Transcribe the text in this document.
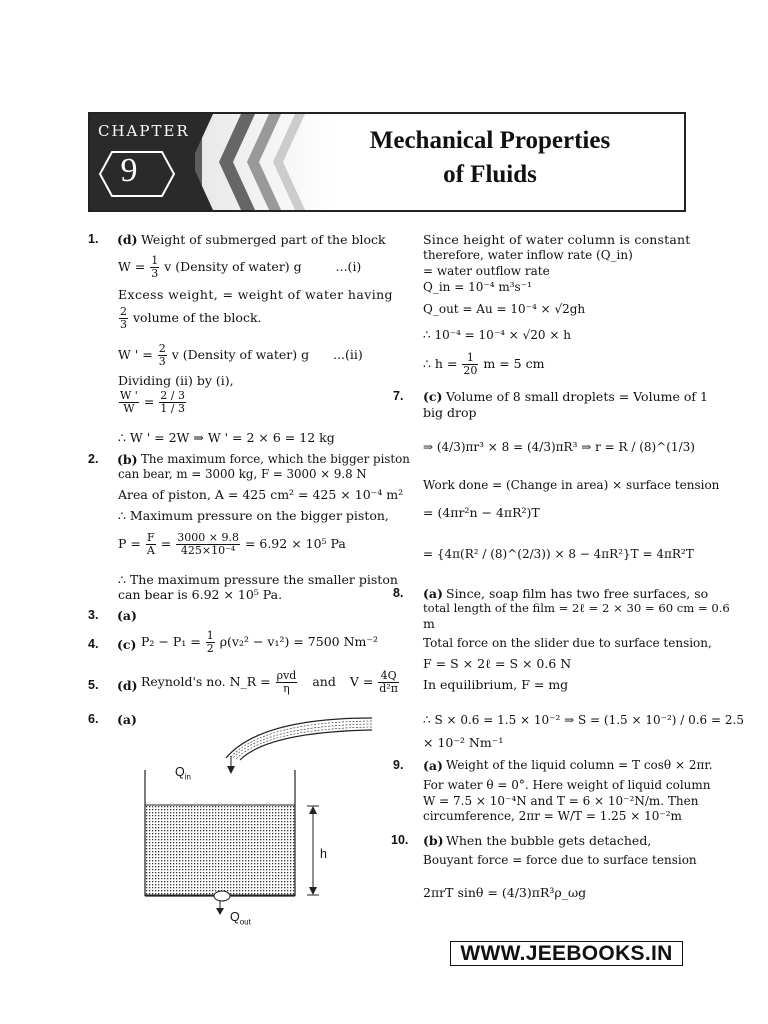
CHAPTER
9
Mechanical Properties
of Fluids
1. (d) Weight of submerged part of the block
$W = \frac{1}{3}$ v (Density of water) g	...(i)
Excess weight, = weight of water having
$\frac{2}{3}$ volume of the block.
W ' = $\frac{2}{3}$ v (Density of water) g ...(ii)
Dividing (ii) by (i),
$\frac{W '}{W} = \frac{2 / 3}{1 / 3}$
∴ W ' = 2W ⇒ W ' = 2 × 6 = 12 kg
2. (b) The maximum force, which the bigger piston
can bear, m = 3000 kg, F = 3000 × 9.8 N
Area of piston, A = 425 cm² = 425 × 10⁻⁴ m²
∴ Maximum pressure on the bigger piston,
$P = \frac{F}{A} = \frac{3000 \times 9.8}{\text{425×10⁻⁴}} = 6.92 \times 10^5$ Pa
∴ The maximum pressure the smaller piston
can bear is 6.92 × 10⁵ Pa.
3. (a)
4. (c) $P_2 - P_1 = \frac{1}{2} \rho(v_2^2 - v_1^2) = 7500$ Nm⁻²
5. (d) Reynold's no. N_R = $\frac{\text{ρvd}}{\eta}$ and $V = \frac{4Q}{\text{d²π}}$
6. (a)
$Q_{in}$
h
$Q_{out}$
Since height of water column is constant
therefore, water inflow rate (Q_in)
= water outflow rate
Q_in = 10⁻⁴ m³s⁻¹
Q_out = Au = 10⁻⁴ × √2gh
∴ 10⁻⁴ = 10⁻⁴ × √20 × h
∴ $h = \frac{1}{20}$ m = 5 cm
7. (c) Volume of 8 small droplets = Volume of 1
big drop
⇒ (4/3)πr³ × 8 = (4/3)πR³ ⇒ r = R / (8)^(1/3)
Work done = (Change in area) × surface tension
= (4πr²n − 4πR²)T
= {4π(R² / (8)^(2/3)) × 8 − 4πR²}T = 4πR²T
8. (a) Since, soap film has two free surfaces, so
total length of the film = 2ℓ = 2 × 30 = 60 cm = 0.6
m
Total force on the slider due to surface tension,
F = S × 2ℓ = S × 0.6 N
In equilibrium, F = mg
∴ S × 0.6 = 1.5 × 10⁻² ⇒ S = (1.5 × 10⁻²) / 0.6 = 2.5
× 10⁻² Nm⁻¹
9. (a) Weight of the liquid column = T cosθ × 2πr.
For water θ = 0°. Here weight of liquid column
W = 7.5 × 10⁻⁴N and T = 6 × 10⁻²N/m. Then
circumference, 2πr = W/T = 1.25 × 10⁻²m
10. (b) When the bubble gets detached,
Bouyant force = force due to surface tension
2πrT sinθ = (4/3)πR³ρ_ωg
WWW.JEEBOOKS.IN
